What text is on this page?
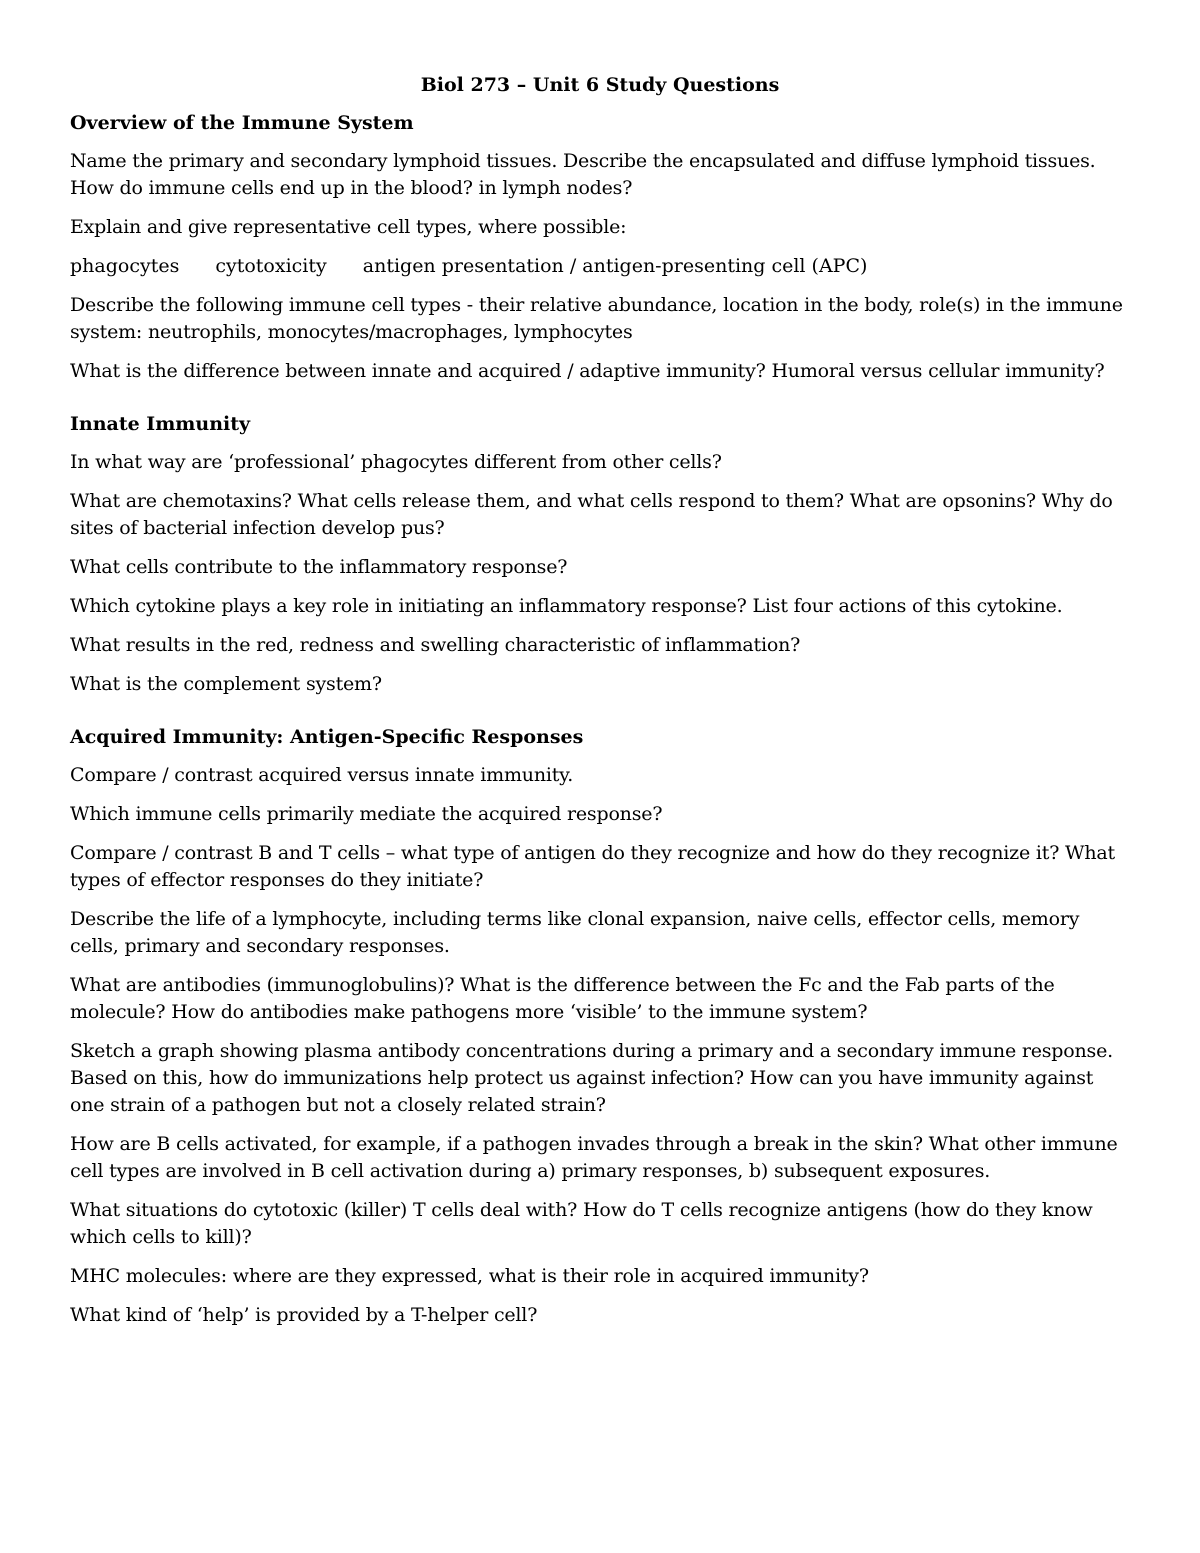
Biol 273 – Unit 6 Study Questions
Overview of the Immune System
Name the primary and secondary lymphoid tissues. Describe the encapsulated and diffuse lymphoid tissues. How do immune cells end up in the blood? in lymph nodes?
Explain and give representative cell types, where possible:
phagocytes cytotoxicity antigen presentation / antigen-presenting cell (APC)
Describe the following immune cell types - their relative abundance, location in the body, role(s) in the immune system: neutrophils, monocytes/macrophages, lymphocytes
What is the difference between innate and acquired / adaptive immunity? Humoral versus cellular immunity?
Innate Immunity
In what way are ‘professional’ phagocytes different from other cells?
What are chemotaxins? What cells release them, and what cells respond to them? What are opsonins? Why do sites of bacterial infection develop pus?
What cells contribute to the inflammatory response?
Which cytokine plays a key role in initiating an inflammatory response? List four actions of this cytokine.
What results in the red, redness and swelling characteristic of inflammation?
What is the complement system?
Acquired Immunity: Antigen-Specific Responses
Compare / contrast acquired versus innate immunity.
Which immune cells primarily mediate the acquired response?
Compare / contrast B and T cells – what type of antigen do they recognize and how do they recognize it? What types of effector responses do they initiate?
Describe the life of a lymphocyte, including terms like clonal expansion, naive cells, effector cells, memory cells, primary and secondary responses.
What are antibodies (immunoglobulins)? What is the difference between the Fc and the Fab parts of the molecule? How do antibodies make pathogens more ‘visible’ to the immune system?
Sketch a graph showing plasma antibody concentrations during a primary and a secondary immune response. Based on this, how do immunizations help protect us against infection? How can you have immunity against one strain of a pathogen but not a closely related strain?
How are B cells activated, for example, if a pathogen invades through a break in the skin? What other immune cell types are involved in B cell activation during a) primary responses, b) subsequent exposures.
What situations do cytotoxic (killer) T cells deal with? How do T cells recognize antigens (how do they know which cells to kill)?
MHC molecules: where are they expressed, what is their role in acquired immunity?
What kind of ‘help’ is provided by a T-helper cell?
